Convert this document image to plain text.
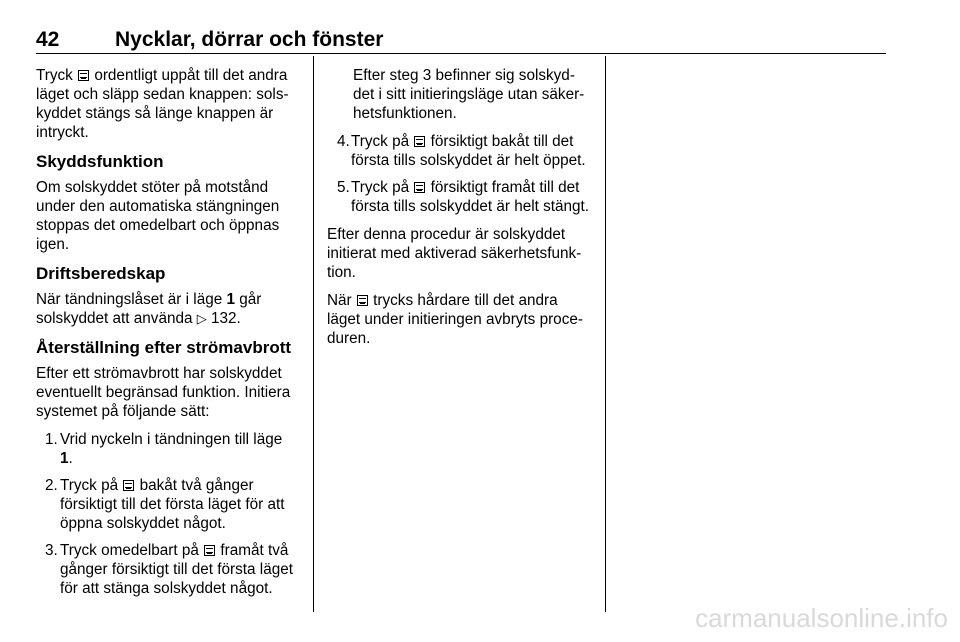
42	Nycklar, dörrar och fönster

Tryck ordentligt uppåt till det andra läget och släpp sedan knappen: sols-kyddet stängs så länge knappen är intryckt.

Skyddsfunktion

Om solskyddet stöter på motstånd under den automatiska stängningen stoppas det omedelbart och öppnas igen.

Driftsberedskap

När tändningslåset är i läge 1 går solskyddet att använda ▷ 132.

Återställning efter strömavbrott

Efter ett strömavbrott har solskyddet eventuellt begränsad funktion. Initiera systemet på följande sätt:

1. Vrid nyckeln i tändningen till läge 1.
2. Tryck på bakåt två gånger försiktigt till det första läget för att öppna solskyddet något.
3. Tryck omedelbart på framåt två gånger försiktigt till det första läget för att stänga solskyddet något.

Efter steg 3 befinner sig solskyd-det i sitt initieringsläge utan säker-hetsfunktionen.

4. Tryck på försiktigt bakåt till det första tills solskyddet är helt öppet.
5. Tryck på försiktigt framåt till det första tills solskyddet är helt stängt.

Efter denna procedur är solskyddet initierat med aktiverad säkerhetsfunk-tion.

När trycks hårdare till det andra läget under initieringen avbryts proce-duren.

carmanualsonline.info
